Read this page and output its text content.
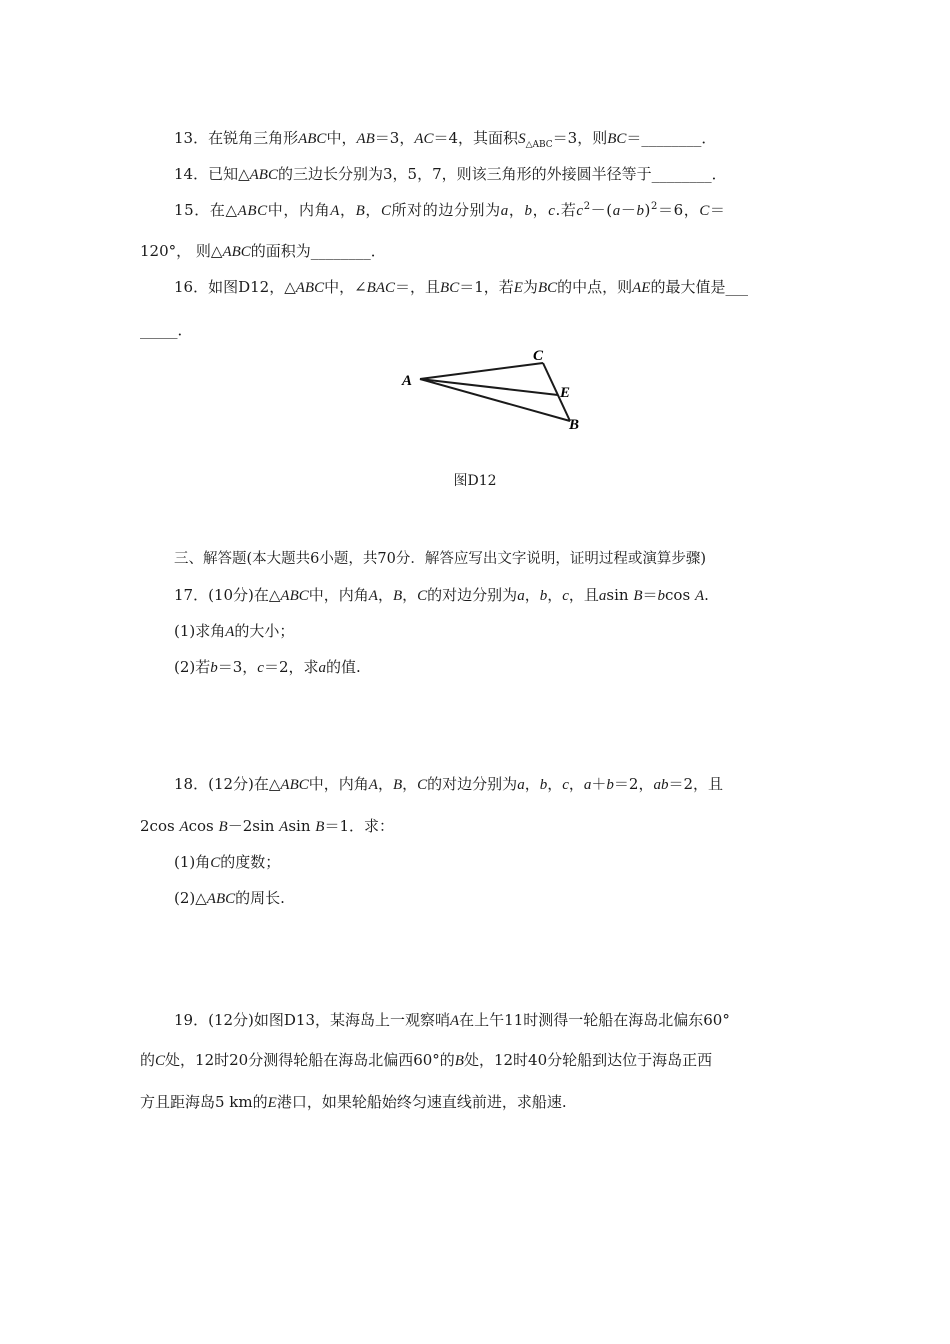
13．在锐角三角形ABC中，AB＝3，AC＝4，其面积$S_{\triangle ABC}=3$，则BC＝________．
14．已知△ABC的三边长分别为3，5，7，则该三角形的外接圆半径等于________．
15．在△ABC中，内角A，B，C所对的边分别为a，b，c.若$c^2-(a-b)^2=6$，C＝
120°， 则△ABC的面积为________．
16．如图D12，△ABC中，∠BAC＝，且BC＝1，若E为BC的中点，则AE的最大值是___
_____．
A
C
E
B
图D12
三、解答题(本大题共6小题，共70分．解答应写出文字说明，证明过程或演算步骤)
17．(10分)在△ABC中，内角A，B，C的对边分别为a，b，c，且asin B＝bcos A.
(1)求角A的大小；
(2)若b＝3，c＝2，求a的值.
18．(12分)在△ABC中，内角A，B，C的对边分别为a，b，c，a＋b＝2，ab＝2，且
2cos Acos B－2sin Asin B＝1．求：
(1)角C的度数；
(2)△ABC的周长.
19．(12分)如图D13，某海岛上一观察哨A在上午11时测得一轮船在海岛北偏东60°
的C处，12时20分测得轮船在海岛北偏西60°的B处，12时40分轮船到达位于海岛正西
方且距海岛5 km的E港口，如果轮船始终匀速直线前进，求船速.
